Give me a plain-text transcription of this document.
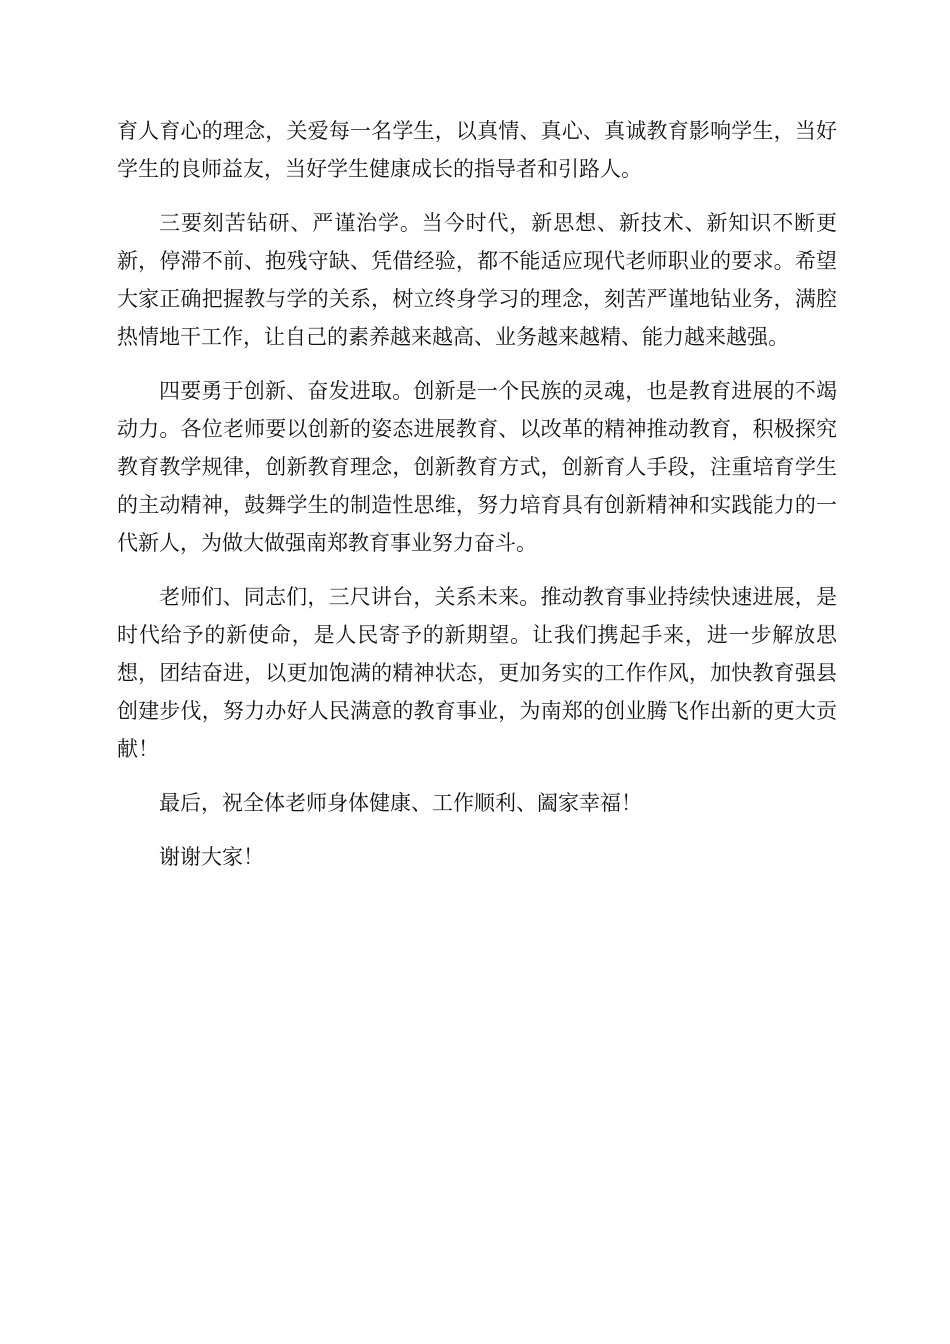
育人育心的理念，关爱每一名学生，以真情、真心、真诚教育影响学生，当好学生的良师益友，当好学生健康成长的指导者和引路人。

三要刻苦钻研、严谨治学。当今时代，新思想、新技术、新知识不断更新，停滞不前、抱残守缺、凭借经验，都不能适应现代老师职业的要求。希望大家正确把握教与学的关系，树立终身学习的理念，刻苦严谨地钻业务，满腔热情地干工作，让自己的素养越来越高、业务越来越精、能力越来越强。

四要勇于创新、奋发进取。创新是一个民族的灵魂，也是教育进展的不竭动力。各位老师要以创新的姿态进展教育、以改革的精神推动教育，积极探究教育教学规律，创新教育理念，创新教育方式，创新育人手段，注重培育学生的主动精神，鼓舞学生的制造性思维，努力培育具有创新精神和实践能力的一代新人，为做大做强南郑教育事业努力奋斗。

老师们、同志们，三尺讲台，关系未来。推动教育事业持续快速进展，是时代给予的新使命，是人民寄予的新期望。让我们携起手来，进一步解放思想，团结奋进，以更加饱满的精神状态，更加务实的工作作风，加快教育强县创建步伐，努力办好人民满意的教育事业，为南郑的创业腾飞作出新的更大贡献！

最后，祝全体老师身体健康、工作顺利、阖家幸福！

谢谢大家！
